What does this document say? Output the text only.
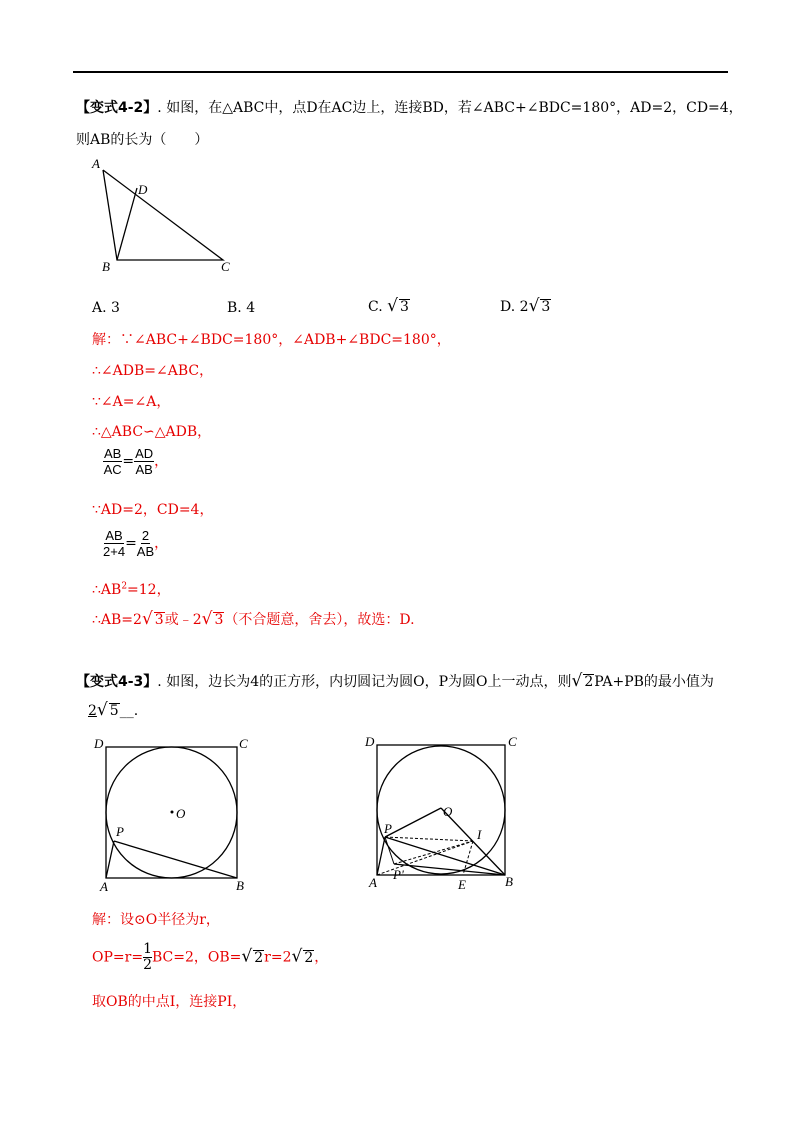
【变式4-2】. 如图，在△ABC中，点D在AC边上，连接BD，若∠ABC+∠BDC=180°，AD=2，CD=4，
则AB的长为（　　）
A
D
B	C
A. 3	B. 4	C. √ 3	D. 2√ 3
解：∵∠ABC+∠BDC=180°，∠ADB+∠BDC=180°，
∴∠ADB=∠ABC，
∵∠A=∠A，
∴△ABC∽△ADB，
$\frac{AB}{AC} = \frac{AD}{AB}$ ，
∵AD=2，CD=4，
$\frac{AB}{2+4} = \frac{2}{AB}$ ，
$\therefore AB^2=12$，
∴AB=2√ 3或﹣2√ 3（不合题意，舍去），故选：D.
【变式4-3】. 如图，边长为4的正方形，内切圆记为圆O，P为圆O上一动点，则√ 2PA+PB的最小值为
2√ 5__.
D	C
O
P
A	B
D	C
O
P	I
P'
A	E	B
解：设⊙O半径为r，
$OP=r= \frac{1}{2} BC=2$，OB=√ 2r=2√ 2，
取OB的中点I，连接PI，
